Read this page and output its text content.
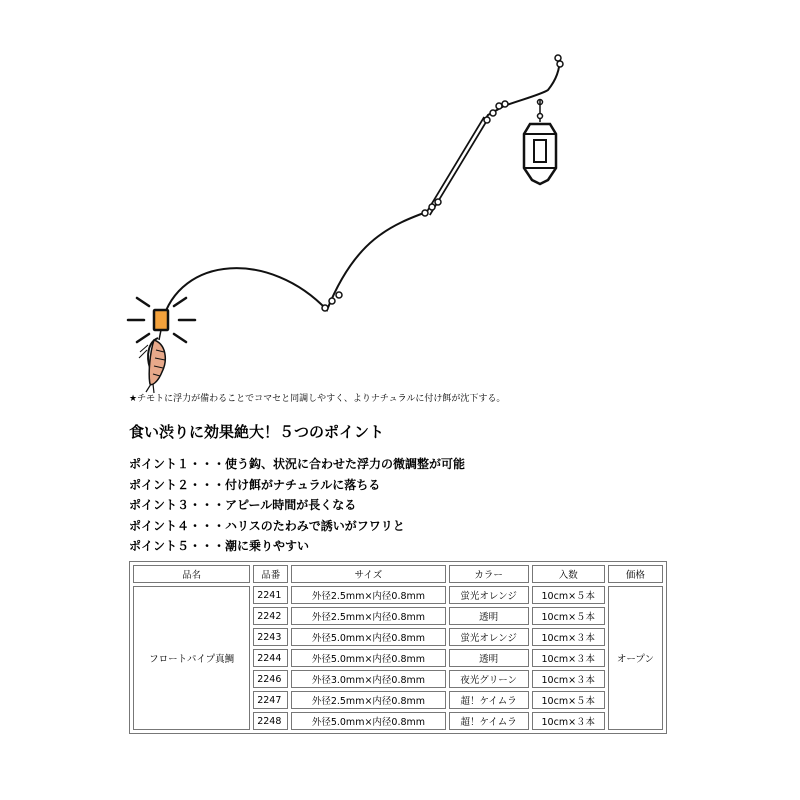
★チモトに浮力が備わることでコマセと同調しやすく、よりナチュラルに付け餌が沈下する。
食い渋りに効果絶大！５つのポイント
ポイント１・・・使う鈎、状況に合わせた浮力の微調整が可能
ポイント２・・・付け餌がナチュラルに落ちる
ポイント３・・・アピール時間が長くなる
ポイント４・・・ハリスのたわみで誘いがフワリと
ポイント５・・・潮に乗りやすい
品名	品番	サイズ	カラー	入数	価格
フロートパイプ真鯛	2241	外径2.5mm×内径0.8mm	蛍光オレンジ	10cm×５本	オープン
	2242	外径2.5mm×内径0.8mm	透明	10cm×５本	
	2243	外径5.0mm×内径0.8mm	蛍光オレンジ	10cm×３本	
	2244	外径5.0mm×内径0.8mm	透明	10cm×３本	
	2246	外径3.0mm×内径0.8mm	夜光グリーン	10cm×３本	
	2247	外径2.5mm×内径0.8mm	超！ケイムラ	10cm×５本	
	2248	外径5.0mm×内径0.8mm	超！ケイムラ	10cm×３本	
